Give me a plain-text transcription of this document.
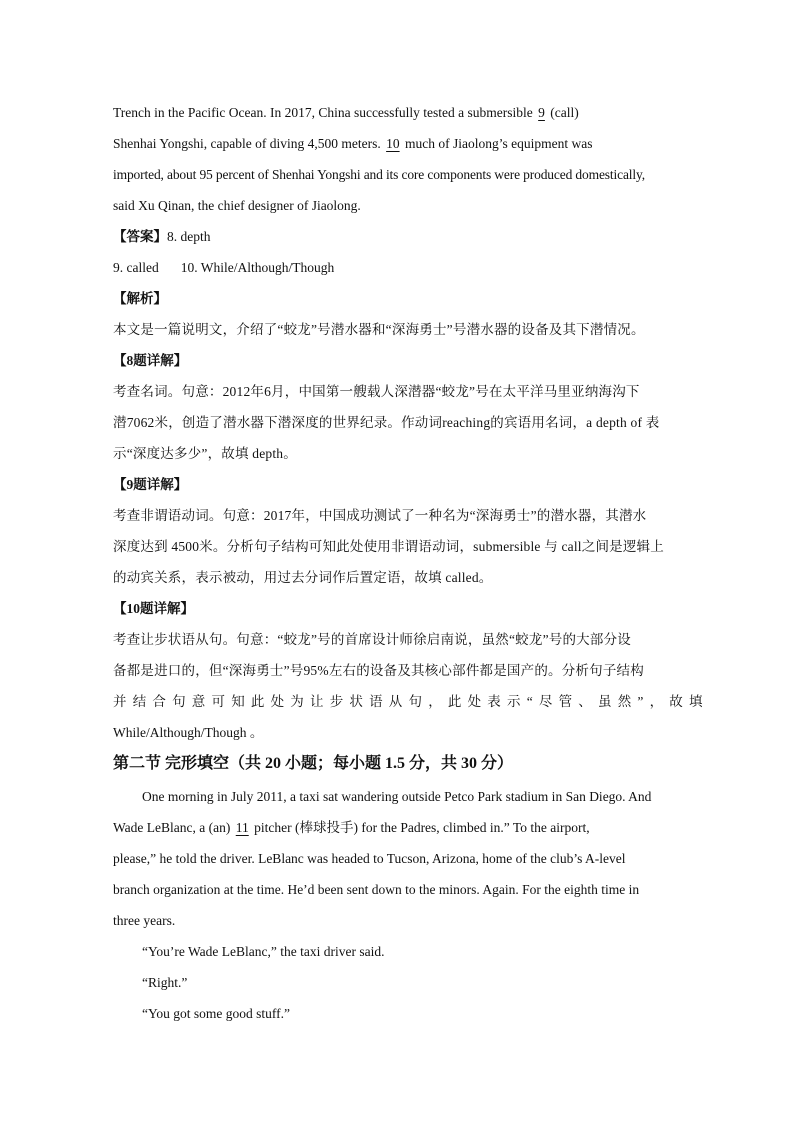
Trench in the Pacific Ocean. In 2017, China successfully tested a submersible 9 (call)
Shenhai Yongshi, capable of diving 4,500 meters. 10 much of Jiaolong’s equipment was
imported, about 95 percent of Shenhai Yongshi and its core components were produced domestically,
said Xu Qinan, the chief designer of Jiaolong.
【答案】8. depth
9. called 10. While/Although/Though
【解析】
本文是一篇说明文，介绍了“蛟龙”号潜水器和“深海勇士”号潜水器的设备及其下潜情况。
【8题详解】
考查名词。句意：2012年6月，中国第一艘载人深潜器“蛟龙”号在太平洋马里亚纳海沟下
潜7062米，创造了潜水器下潜深度的世界纪录。作动词reaching的宾语用名词，a depth of 表
示“深度达多少”，故填 depth。
【9题详解】
考查非谓语动词。句意：2017年，中国成功测试了一种名为“深海勇士”的潜水器，其潜水
深度达到 4500米。分析句子结构可知此处使用非谓语动词，submersible 与 call之间是逻辑上
的动宾关系，表示被动，用过去分词作后置定语，故填 called。
【10题详解】
考查让步状语从句。句意：“蛟龙”号的首席设计师徐启南说，虽然“蛟龙”号的大部分设
备都是进口的，但“深海勇士”号95%左右的设备及其核心部件都是国产的。分析句子结构
并结合句意可知此处为让步状语从句，此处表示“尽管、虽然”，故填
While/Although/Though 。
第二节 完形填空（共 20 小题；每小题 1.5 分，共 30 分）
One morning in July 2011, a taxi sat wandering outside Petco Park stadium in San Diego. And
Wade LeBlanc, a (an) 11 pitcher (棒球投手) for the Padres, climbed in.” To the airport,
please,” he told the driver. LeBlanc was headed to Tucson, Arizona, home of the club’s A-level
branch organization at the time. He’d been sent down to the minors. Again. For the eighth time in
three years.
“You’re Wade LeBlanc,” the taxi driver said.
“Right.”
“You got some good stuff.”
